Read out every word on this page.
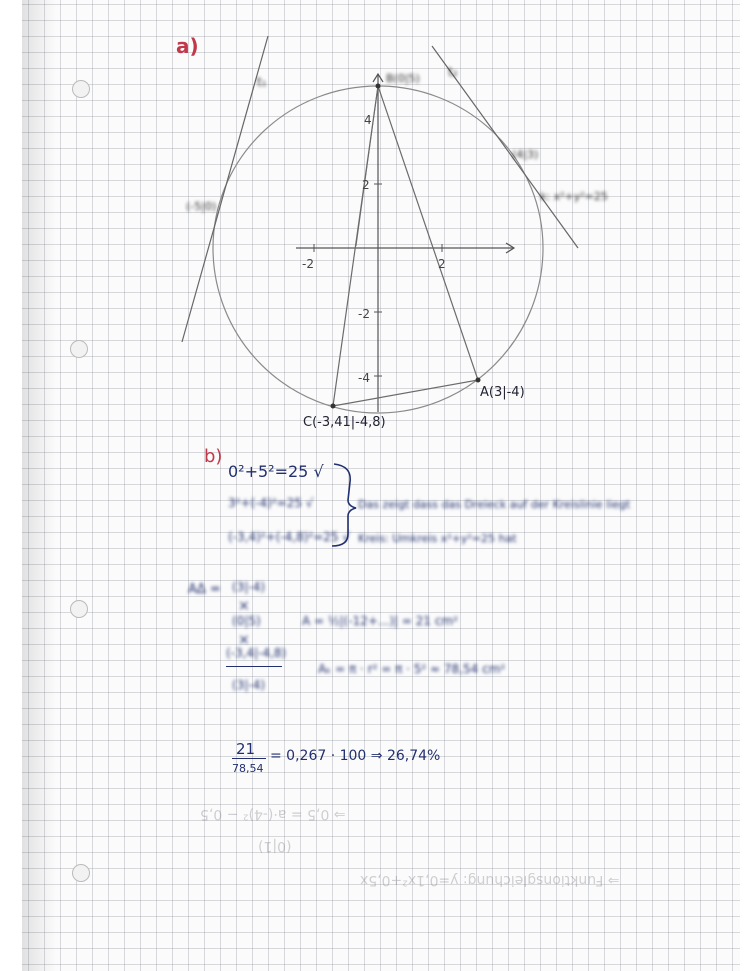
⇒ Funktionsgleichung: y=0,1x²+0,5x
⇒ 0,5 = a·(-4)² − 0,5
(0|1)
a)
t₁
t₂
B(0|5)
(4|3)
(-5|0)
k: x²+y²=25
A(3|-4)
C(-3,41|-4,8)
-2	2
2
-2
-4
4
b)
0²+5²=25 √
3²+(-4)²=25 √
(-3,4)²+(-4,8)²=25 √
Das zeigt dass das Dreieck auf der Kreislinie liegt
Kreis: Umkreis x²+y²=25 hat
AΔ = (3|-4)
×
(0|5)
×
(-3,4|-4,8)
(3|-4)
A = ½|(-12+...)| = 21 cm²
Aₖ = π · r² = π · 5² ≈ 78,54 cm²
21
78,54
= 0,267 · 100 ⇒ 26,74%
